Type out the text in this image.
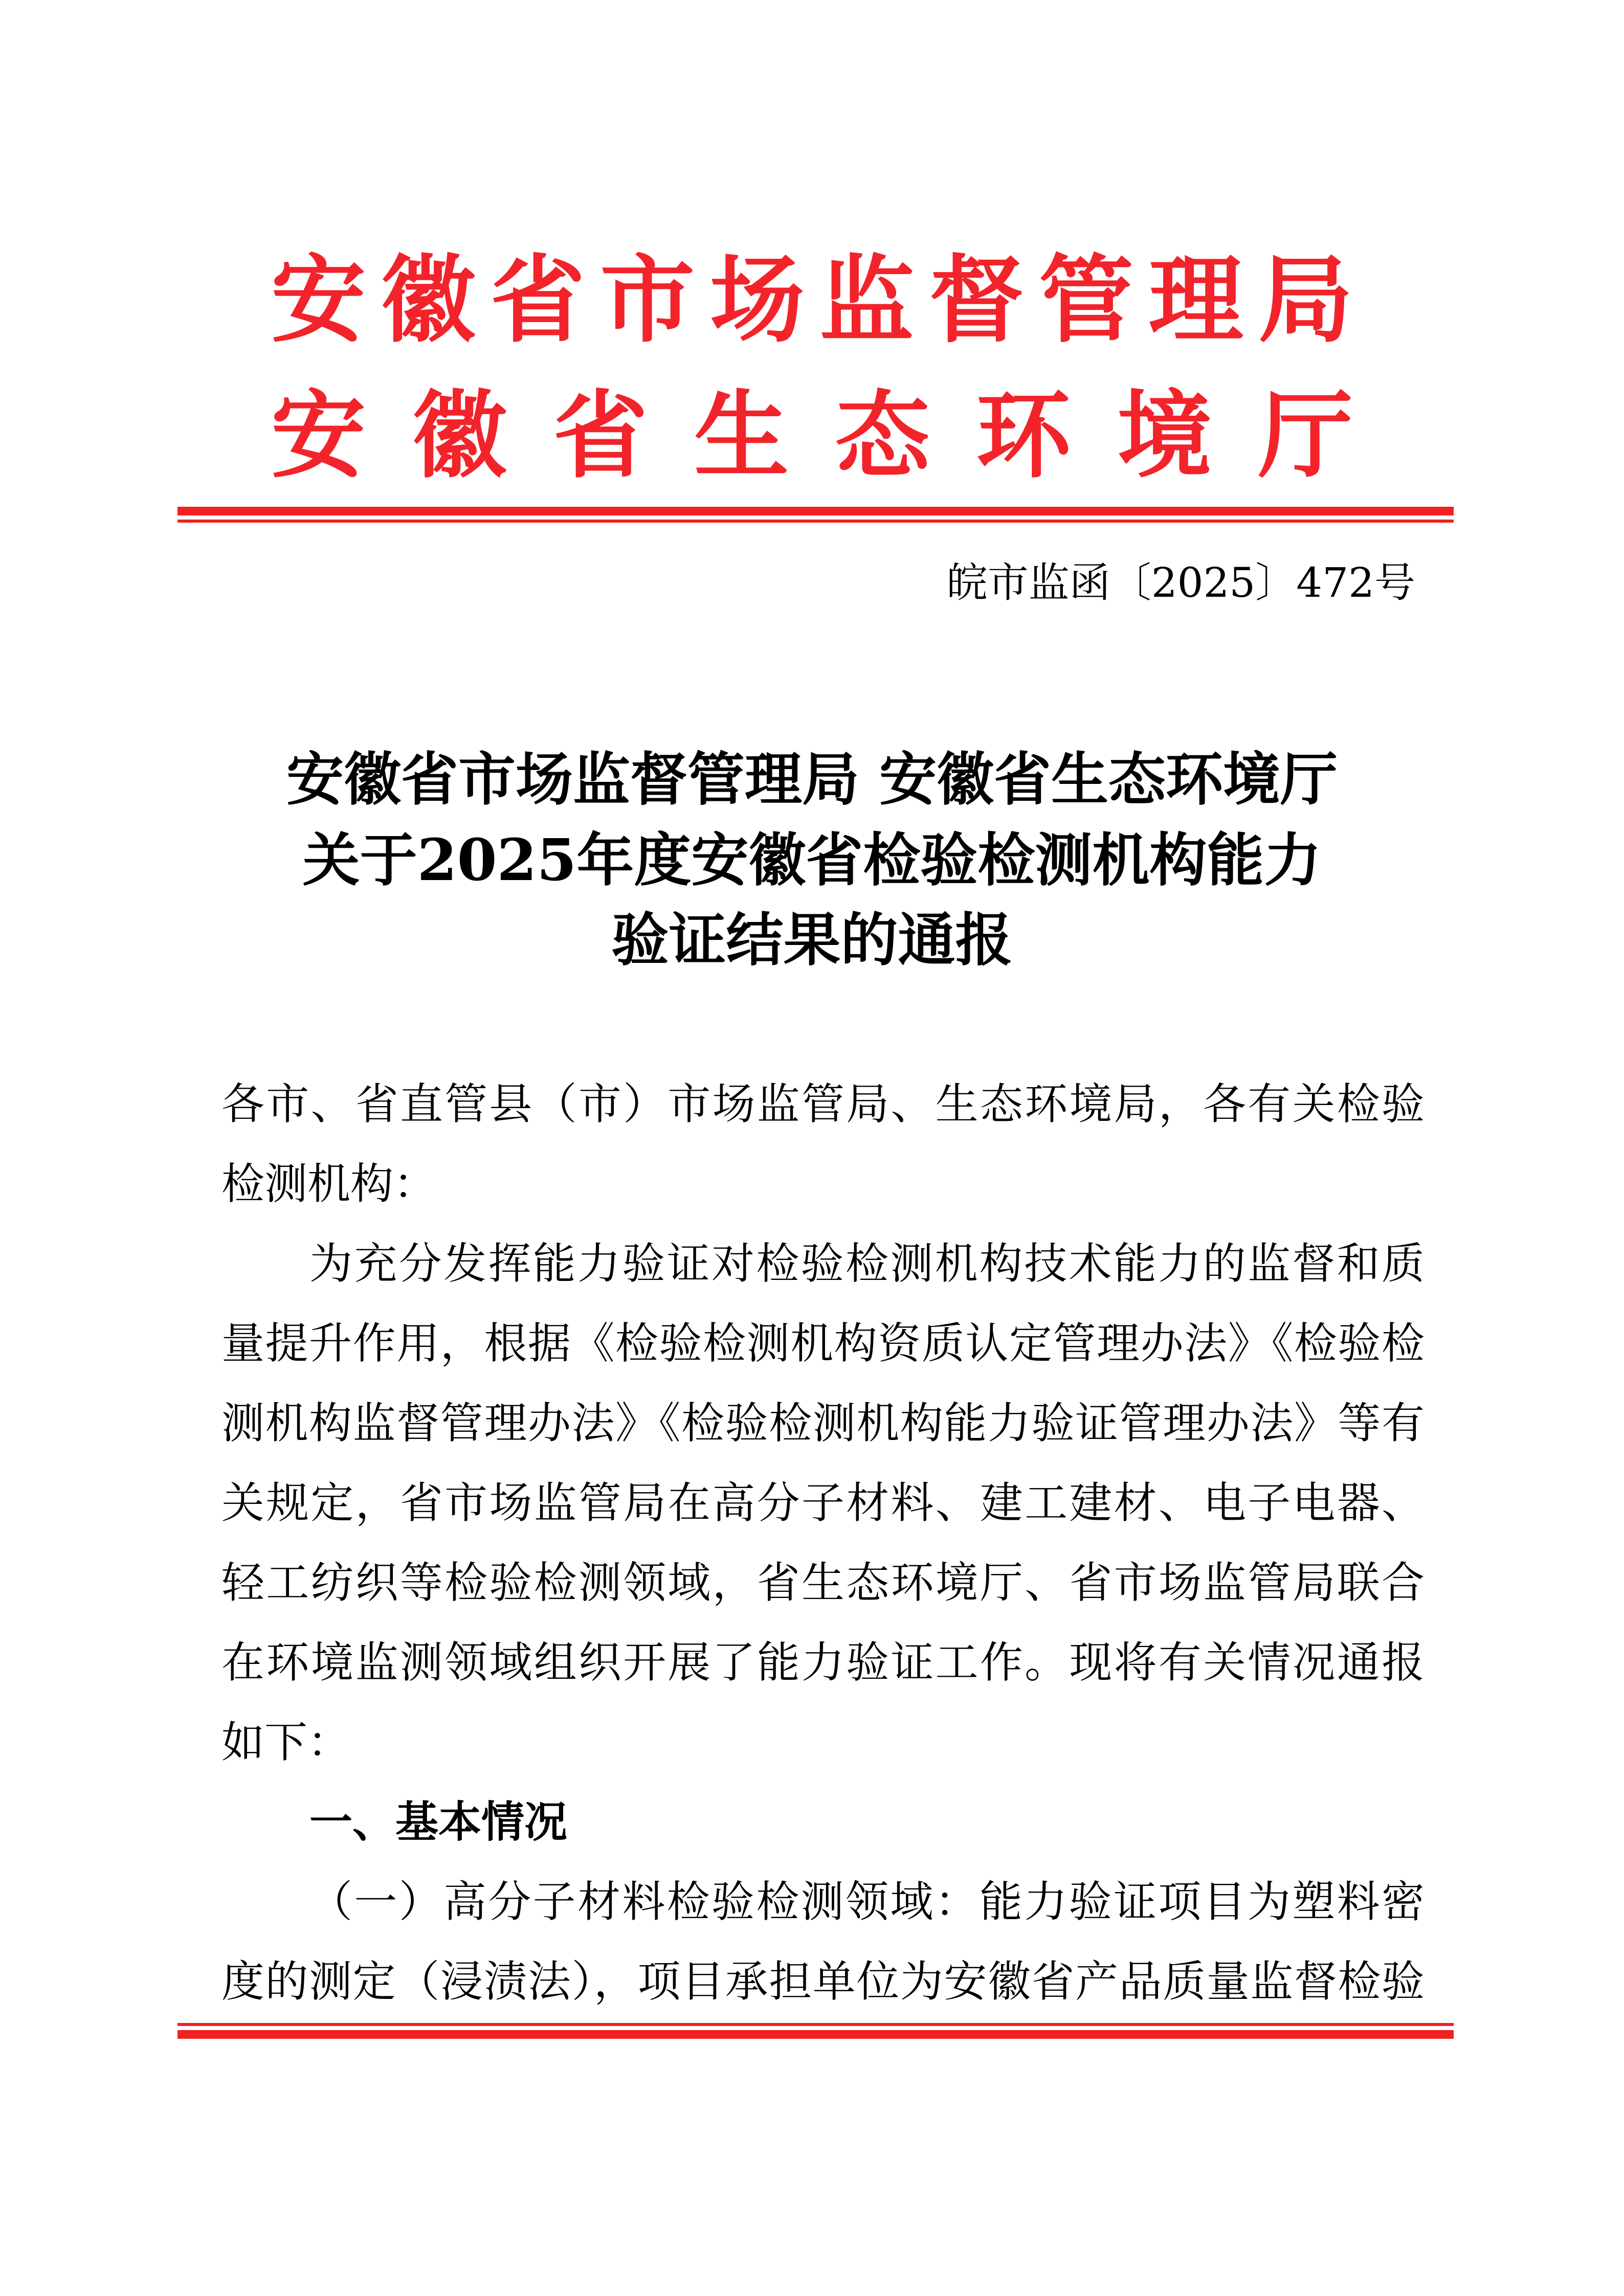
安徽省市场监督管理局
安徽省生态环境厅
皖市监函〔2025〕472号
安徽省市场监督管理局 安徽省生态环境厅
关于2025年度安徽省检验检测机构能力
验证结果的通报
各市、省直管县（市）市场监管局、生态环境局，各有关检验
检测机构：
为充分发挥能力验证对检验检测机构技术能力的监督和质
量提升作用，根据《检验检测机构资质认定管理办法》《检验检
测机构监督管理办法》《检验检测机构能力验证管理办法》等有
关规定，省市场监管局在高分子材料、建工建材、电子电器、
轻工纺织等检验检测领域，省生态环境厅、省市场监管局联合
在环境监测领域组织开展了能力验证工作。现将有关情况通报
如下：
一、基本情况
（一）高分子材料检验检测领域：能力验证项目为塑料密
度的测定（浸渍法），项目承担单位为安徽省产品质量监督检验
